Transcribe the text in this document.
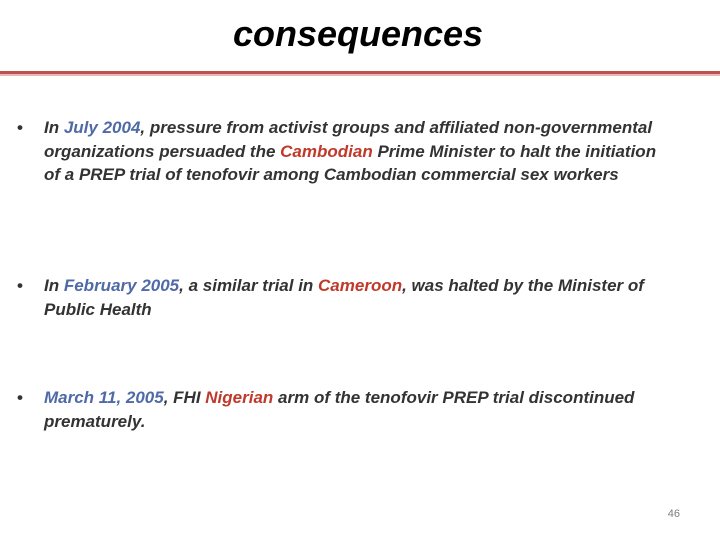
consequences
• In July 2004, pressure from activist groups and affiliated non-governmental organizations persuaded the Cambodian Prime Minister to halt the initiation of a PREP trial of tenofovir among Cambodian commercial sex workers
• In February 2005, a similar trial in Cameroon, was halted by the Minister of Public Health
• March 11, 2005, FHI Nigerian arm of the tenofovir PREP trial discontinued prematurely.
46
